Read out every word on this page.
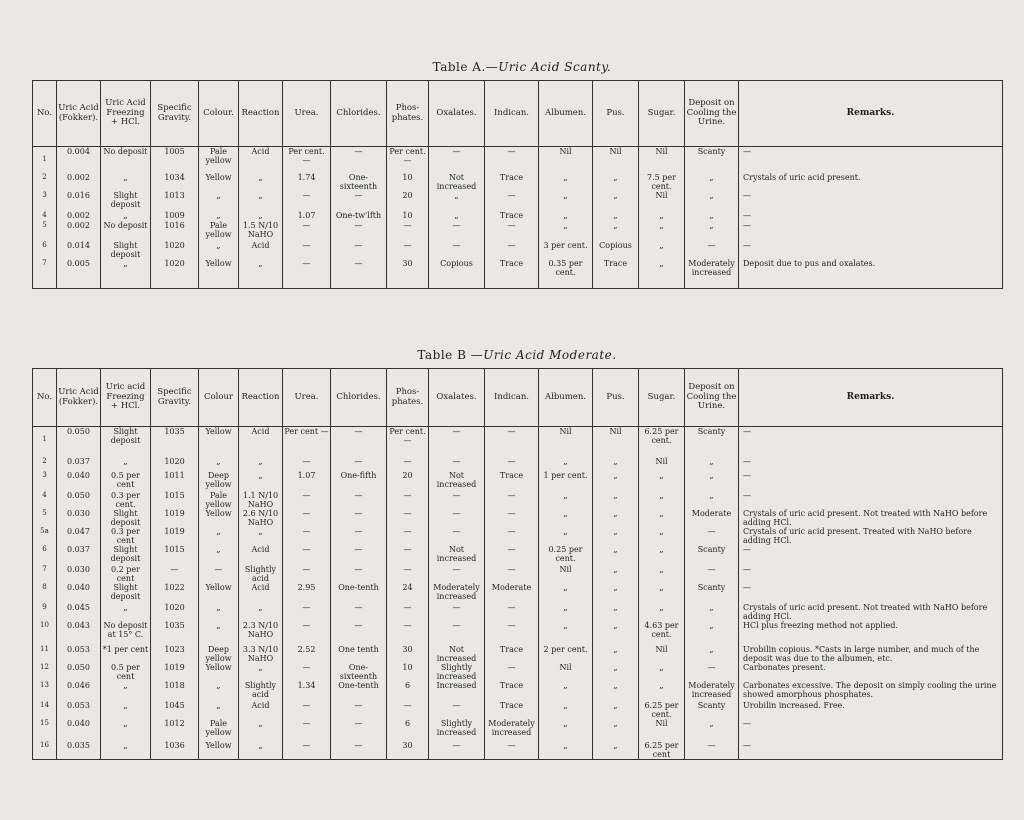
Table A.—Uric Acid Scanty.
No.	Uric Acid (Fokker).	Uric Acid Freezing + HCl.	Specific Gravity.	Colour.	Reaction	Urea.	Chlorides.	Phos-phates.	Oxalates.	Indican.	Albumen.	Pus.	Sugar.	Deposit on Cooling the Urine.	Remarks.
1	0.004	No deposit	1005	Pale yellow	Acid	Per cent. —	—	Per cent. —	—	—	Nil	Nil	Nil	Scanty	—
2	0.002	„	1034	Yellow	„	1.74	One-sixteenth	10	Not increased	Trace	„	„	7.5 per cent.	„	Crystals of uric acid present.
3	0.016	Slight deposit	1013	„	„	—	—	20	„	—	„	„	Nil	„	—
4	0.002	„	1009	„	„	1.07	One-tw'lfth	10	„	Trace	„	„	„	„	—
5	0.002	No deposit	1016	Pale yellow	1.5 N/10 NaHO	—	—	—	—	—	„	„	„	„	—
6	0.014	Slight deposit	1020	„	Acid	—	—	—	—	—	3 per cent.	Copious	„	—	—
7	0.005	„	1020	Yellow	„	—	—	30	Copious	Trace	0.35 per cent.	Trace	„	Moderately increased	Deposit due to pus and oxalates.
Table B —Uric Acid Moderate.
No.	Uric Acid (Fokker).	Uric acid Freezing + HCl.	Specific Gravity.	Colour	Reaction	Urea.	Chlorides.	Phos-phates.	Oxalates.	Indican.	Albumen.	Pus.	Sugar.	Deposit on Cooling the Urine.	Remarks.
1	0.050	Slight deposit	1035	Yellow	Acid	Per cent —	—	Per cent. —	—	—	Nil	Nil	6.25 per cent.	Scanty	—
2	0.037	„	1020	„	„	—	—	—	—	—	„	„	Nil	„	—
3	0.040	0.5 per cent	1011	Deep yellow	„	1.07	One-fifth	20	Not increased	Trace	1 per cent.	„	„	„	—
4	0.050	0.3 per cent.	1015	Pale yellow	1.1 N/10 NaHO	—	—	—	—	—	„	„	„	„	—
5	0.030	Slight deposit	1019	Yellow	2.6 N/10 NaHO	—	—	—	—	—	„	„	„	Moderate	Crystals of uric acid present. Not treated with NaHO before adding HCl.
5a	0.047	0.3 per cent	1019	„	„	—	—	—	—	—	„	„	„	—	Crystals of uric acid present. Treated with NaHO before adding HCl.
6	0.037	Slight deposit	1015	„	Acid	—	—	—	Not increased	—	0.25 per cent.	„	„	Scanty	—
7	0.030	0.2 per cent	—	—	Slightly acid	—	—	—	—	—	Nil	„	„	—	—
8	0.040	Slight deposit	1022	Yellow	Acid	2.95	One-tenth	24	Moderately increased	Moderate	„	„	„	Scanty	—
9	0.045	„	1020	„	„	—	—	—	—	—	„	„	„	„	Crystals of uric acid present. Not treated with NaHO before adding HCl.
10	0.043	No deposit at 15° C.	1035	„	2.3 N/10 NaHO	—	—	—	—	—	„	„	4.63 per cent.	„	HCl plus freezing method not applied.
11	0.053	*1 per cent	1023	Deep yellow	3.3 N/10 NaHO	2.52	One tenth	30	Not increased	Trace	2 per cent.	„	Nil	„	Urobilin copious. *Casts in large number, and much of the deposit was due to the albumen, etc.
12	0.050	0.5 per cent	1019	Yellow	„	—	One-sixteenth	10	Slightly increased	—	Nil	„	„	—	Carbonates present.
13	0.046	„	1018	„	Slightly acid	1.34	One-tenth	6	Increased	Trace	„	„	„	Moderately increased	Carbonates excessive. The deposit on simply cooling the urine showed amorphous phosphates.
14	0.053	„	1045	„	Acid	—	—	—	—	Trace	„	„	6.25 per cent.	Scanty	Urobilin increased. Free.
15	0.040	„	1012	Pale yellow	„	—	—	6	Slightly increased	Moderately increased	„	„	Nil	„	—
16	0.035	„	1036	Yellow	„	—	—	30	—	—	„	„	6.25 per cent	—	—
